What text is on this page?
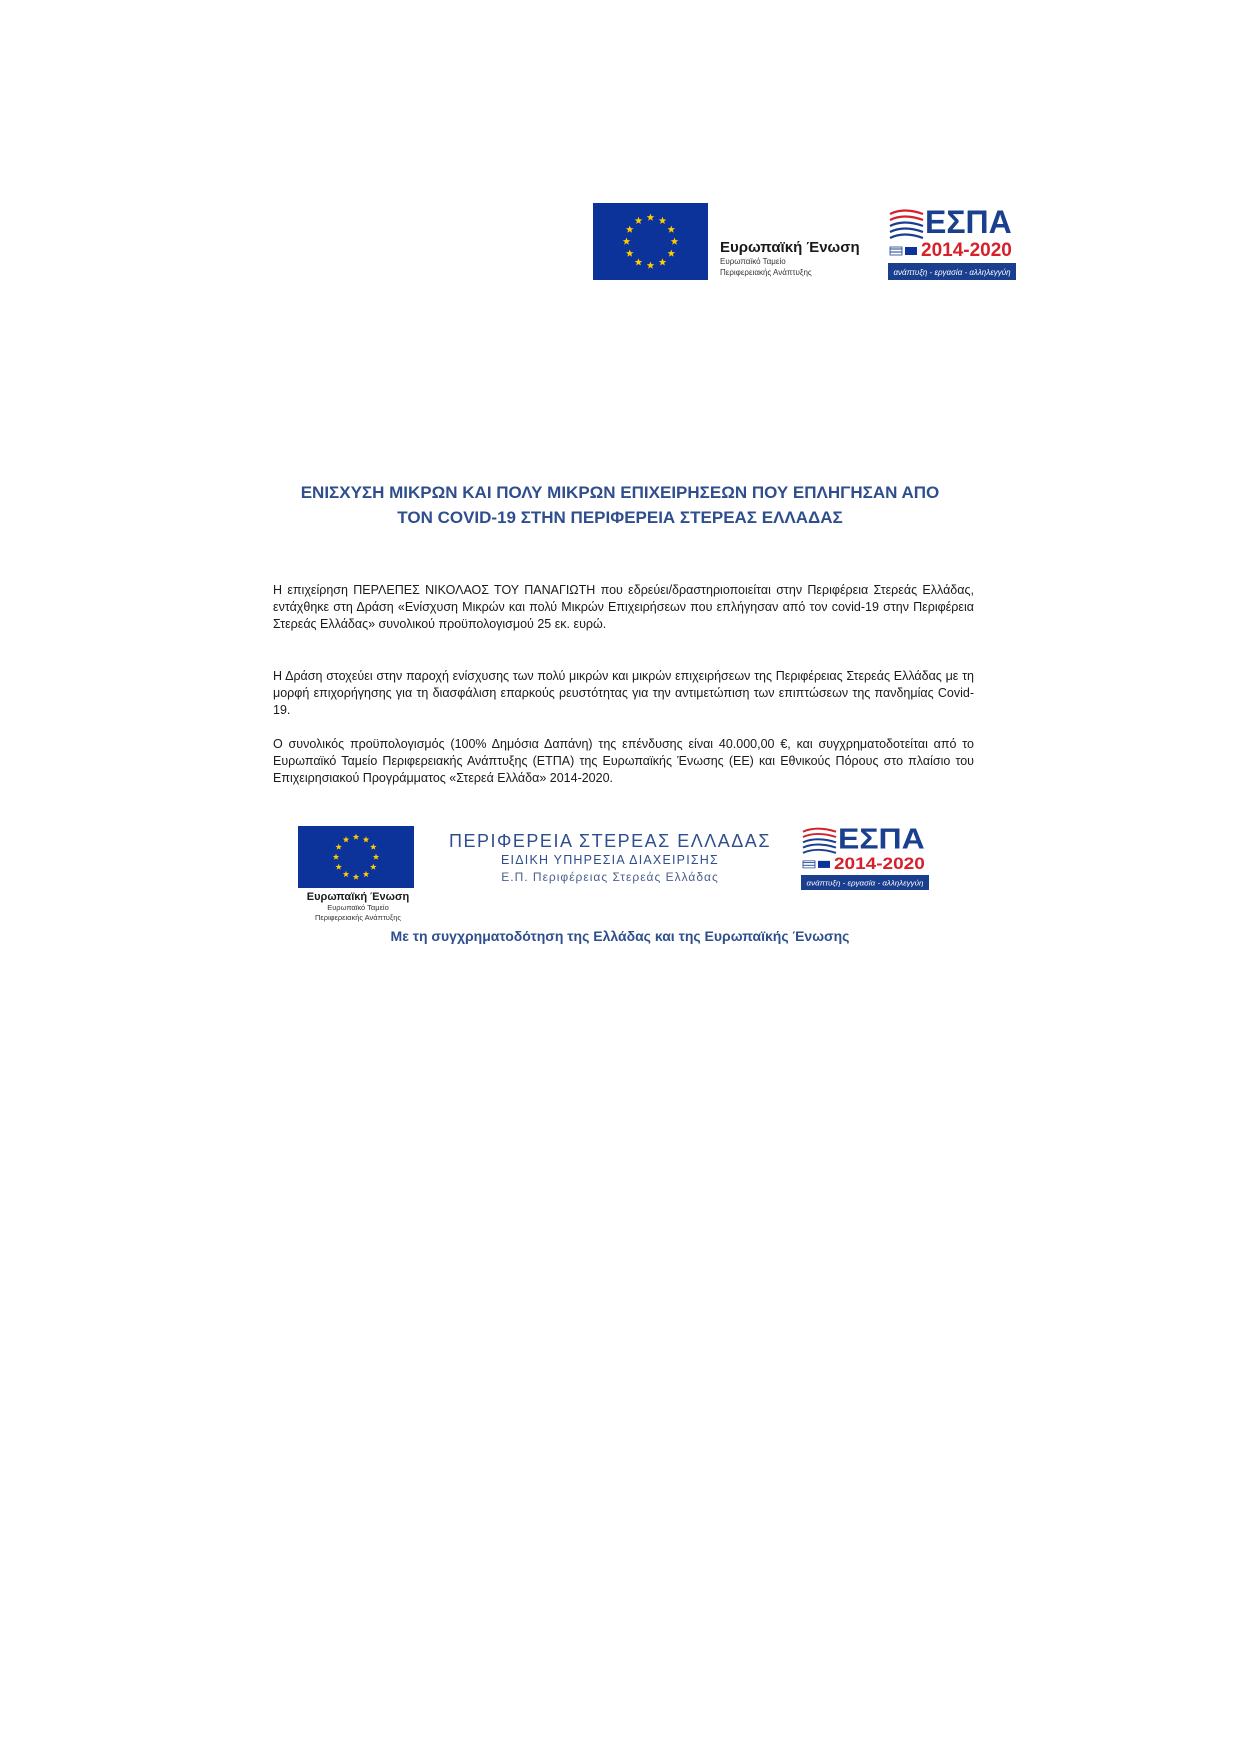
Ευρωπαϊκή Ένωση
Ευρωπαϊκό Ταμείο
Περιφερειακής Ανάπτυξης
ΕΣΠΑ
2014-2020
ανάπτυξη - εργασία - αλληλεγγύη
ΕΝΙΣΧΥΣΗ ΜΙΚΡΩΝ ΚΑΙ ΠΟΛΥ ΜΙΚΡΩΝ ΕΠΙΧΕΙΡΗΣΕΩΝ ΠΟΥ ΕΠΛΗΓΗΣΑΝ ΑΠΟ
ΤΟΝ COVID-19 ΣΤΗΝ ΠΕΡΙΦΕΡΕΙΑ ΣΤΕΡΕΑΣ ΕΛΛΑΔΑΣ

Η επιχείρηση ΠΕΡΛΕΠΕΣ ΝΙΚΟΛΑΟΣ ΤΟΥ ΠΑΝΑΓΙΩΤΗ που εδρεύει/δραστηριοποιείται στην Περιφέρεια Στερεάς Ελλάδας, εντάχθηκε στη Δράση «Ενίσχυση Μικρών και πολύ Μικρών Επιχειρήσεων που επλήγησαν από τον covid-19 στην Περιφέρεια Στερεάς Ελλάδας» συνολικού προϋπολογισμού 25 εκ. ευρώ.

Η Δράση στοχεύει στην παροχή ενίσχυσης των πολύ μικρών και μικρών επιχειρήσεων της Περιφέρειας Στερεάς Ελλάδας με τη μορφή επιχορήγησης για τη διασφάλιση επαρκούς ρευστότητας για την αντιμετώπιση των επιπτώσεων της πανδημίας Covid-19.

Ο συνολικός προϋπολογισμός (100% Δημόσια Δαπάνη) της επένδυσης είναι 40.000,00 €, και συγχρηματοδοτείται από το Ευρωπαϊκό Ταμείο Περιφερειακής Ανάπτυξης (ΕΤΠΑ) της Ευρωπαϊκής Ένωσης (ΕΕ) και Εθνικούς Πόρους στο πλαίσιο του Επιχειρησιακού Προγράμματος «Στερεά Ελλάδα» 2014-2020.

Ευρωπαϊκή Ένωση
Ευρωπαϊκό Ταμείο
Περιφερειακής Ανάπτυξης
ΠΕΡΙΦΕΡΕΙΑ ΣΤΕΡΕΑΣ ΕΛΛΑΔΑΣ
ΕΙΔΙΚΗ ΥΠΗΡΕΣΙΑ ΔΙΑΧΕΙΡΙΣΗΣ
Ε.Π. Περιφέρειας Στερεάς Ελλάδας
ΕΣΠΑ
2014-2020
ανάπτυξη - εργασία - αλληλεγγύη
Με τη συγχρηματοδότηση της Ελλάδας και της Ευρωπαϊκής Ένωσης
